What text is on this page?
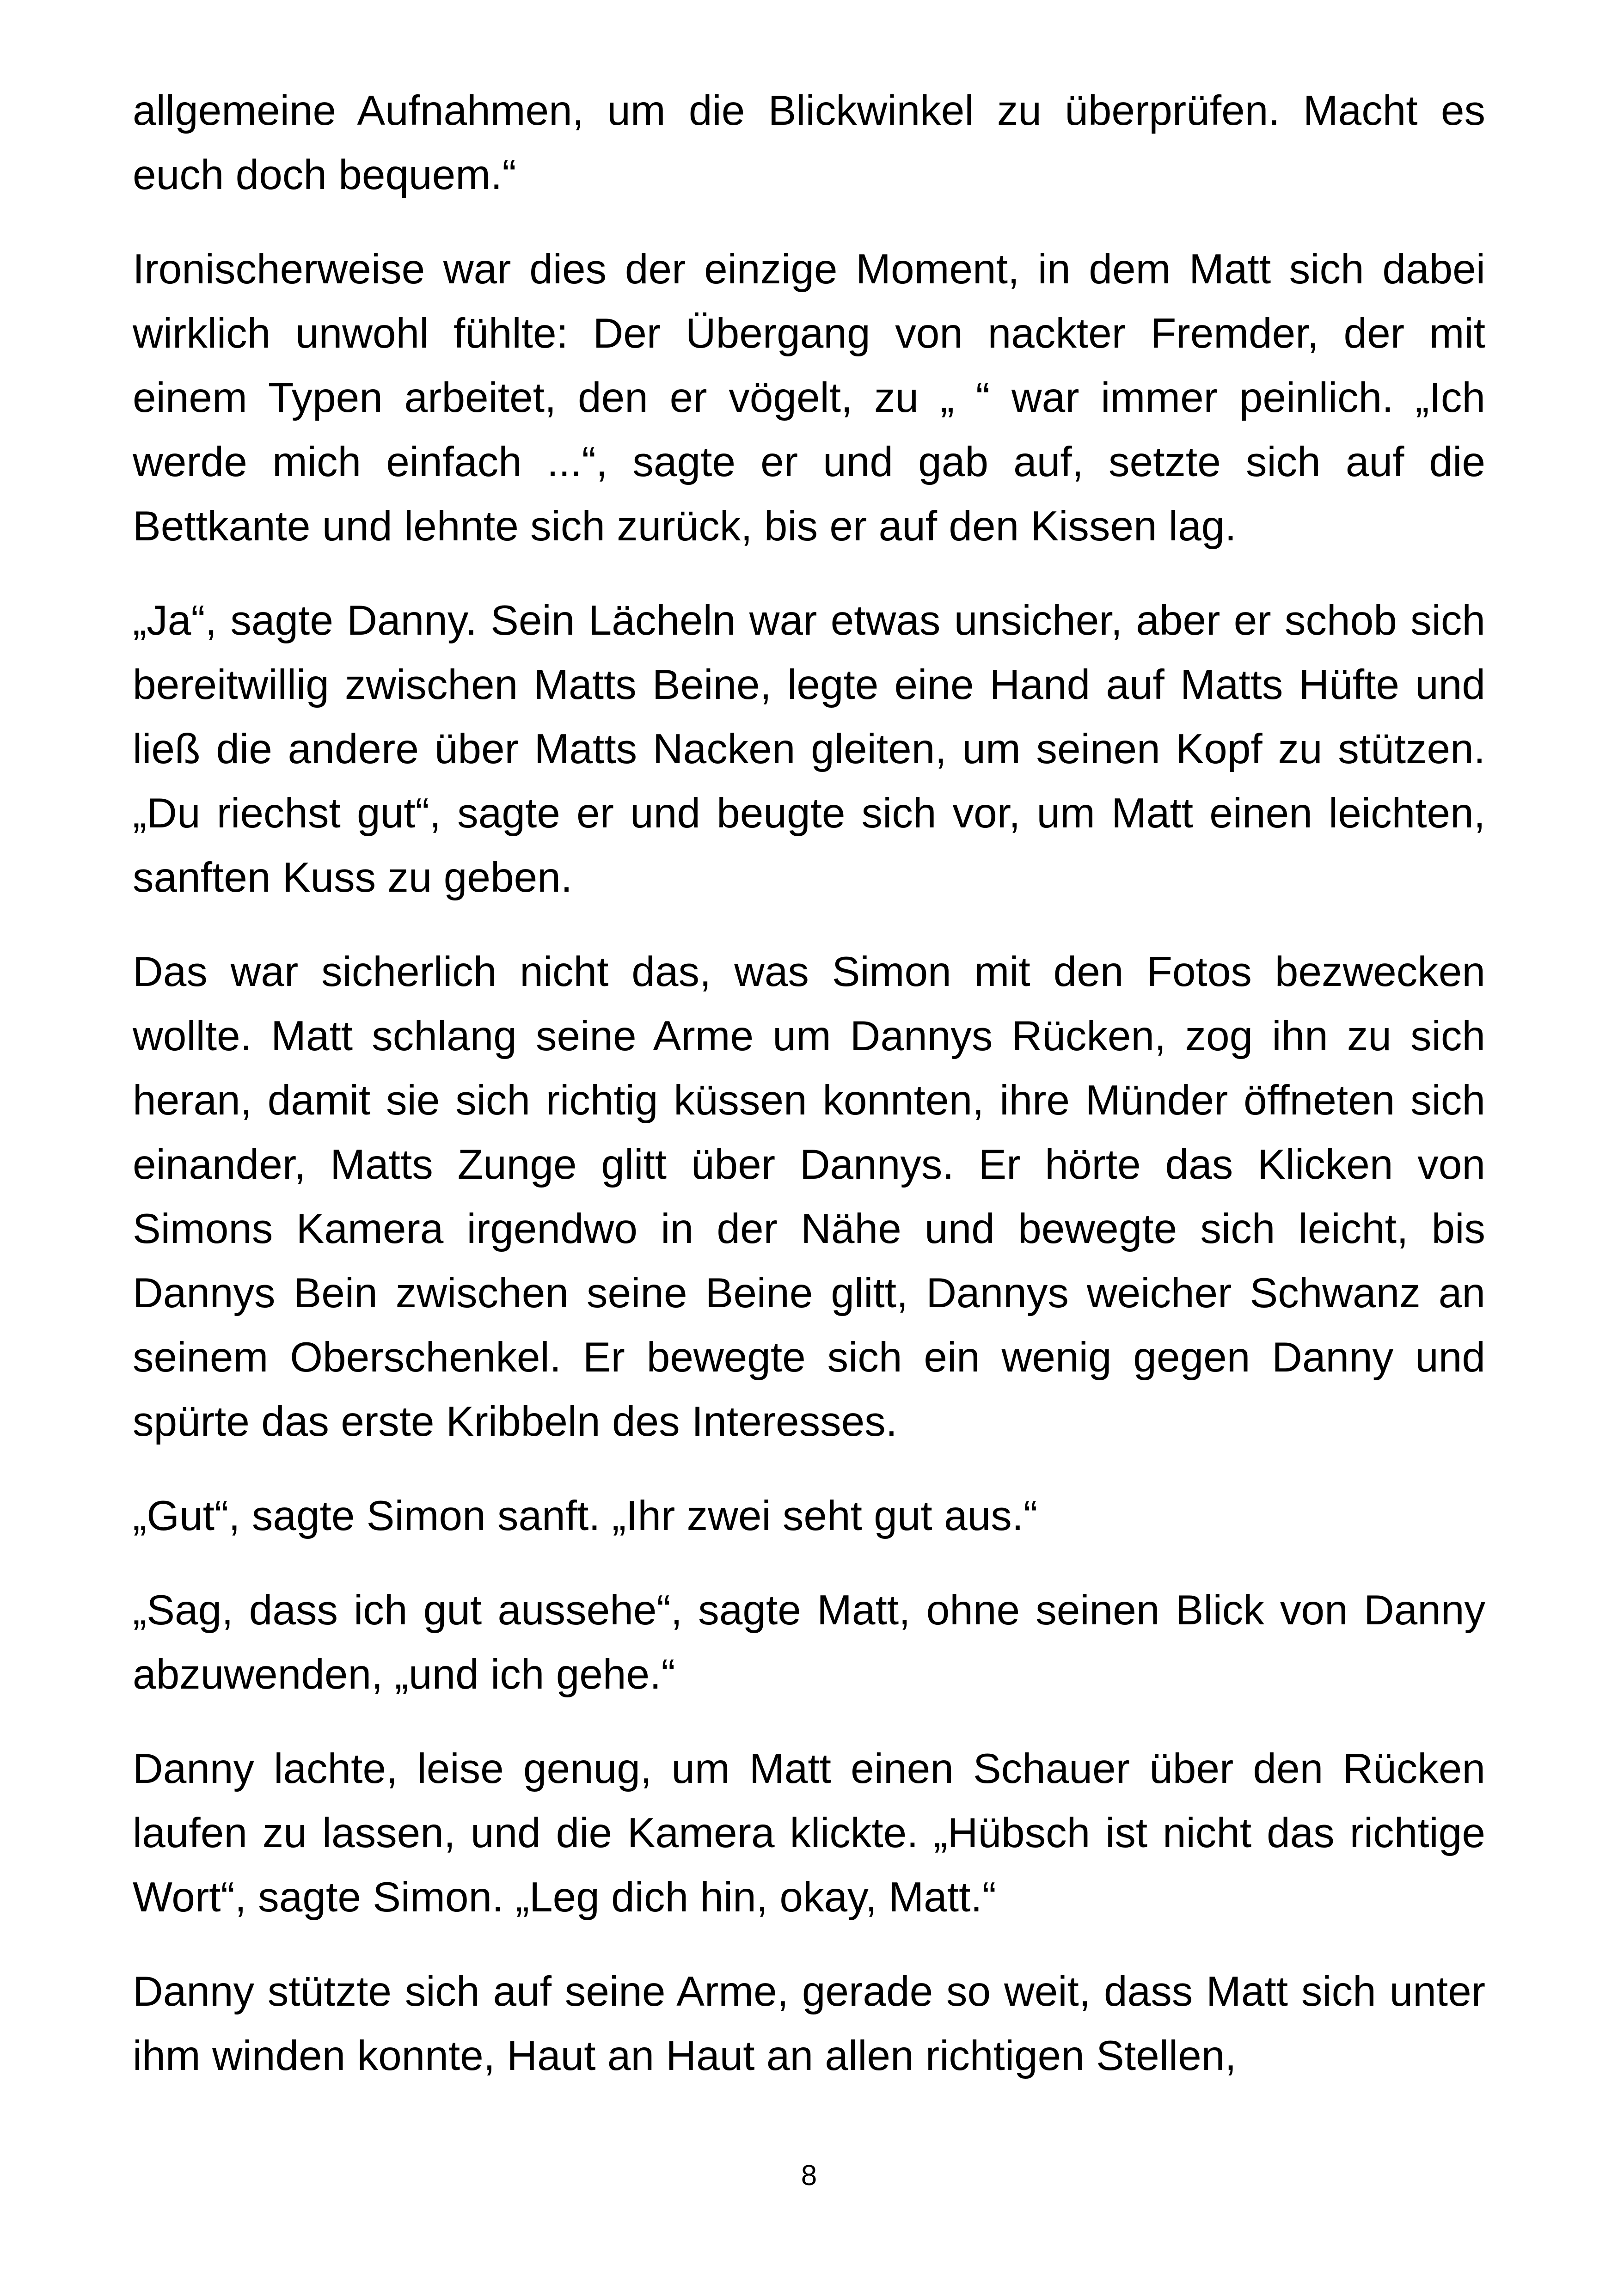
allgemeine Aufnahmen, um die Blickwinkel zu überprüfen. Macht es euch doch bequem.“

Ironischerweise war dies der einzige Moment, in dem Matt sich dabei wirklich unwohl fühlte: Der Übergang von nackter Fremder, der mit einem Typen arbeitet, den er vögelt, zu „ “ war immer peinlich. „Ich werde mich einfach ...“, sagte er und gab auf, setzte sich auf die Bettkante und lehnte sich zurück, bis er auf den Kissen lag.

„Ja“, sagte Danny. Sein Lächeln war etwas unsicher, aber er schob sich bereitwillig zwischen Matts Beine, legte eine Hand auf Matts Hüfte und ließ die andere über Matts Nacken gleiten, um seinen Kopf zu stützen. „Du riechst gut“, sagte er und beugte sich vor, um Matt einen leichten, sanften Kuss zu geben.

Das war sicherlich nicht das, was Simon mit den Fotos bezwecken wollte. Matt schlang seine Arme um Dannys Rücken, zog ihn zu sich heran, damit sie sich richtig küssen konnten, ihre Münder öffneten sich einander, Matts Zunge glitt über Dannys. Er hörte das Klicken von Simons Kamera irgendwo in der Nähe und bewegte sich leicht, bis Dannys Bein zwischen seine Beine glitt, Dannys weicher Schwanz an seinem Oberschenkel. Er bewegte sich ein wenig gegen Danny und spürte das erste Kribbeln des Interesses.

„Gut“, sagte Simon sanft. „Ihr zwei seht gut aus.“

„Sag, dass ich gut aussehe“, sagte Matt, ohne seinen Blick von Danny abzuwenden, „und ich gehe.“

Danny lachte, leise genug, um Matt einen Schauer über den Rücken laufen zu lassen, und die Kamera klickte. „Hübsch ist nicht das richtige Wort“, sagte Simon. „Leg dich hin, okay, Matt.“

Danny stützte sich auf seine Arme, gerade so weit, dass Matt sich unter ihm winden konnte, Haut an Haut an allen richtigen Stellen,

8
